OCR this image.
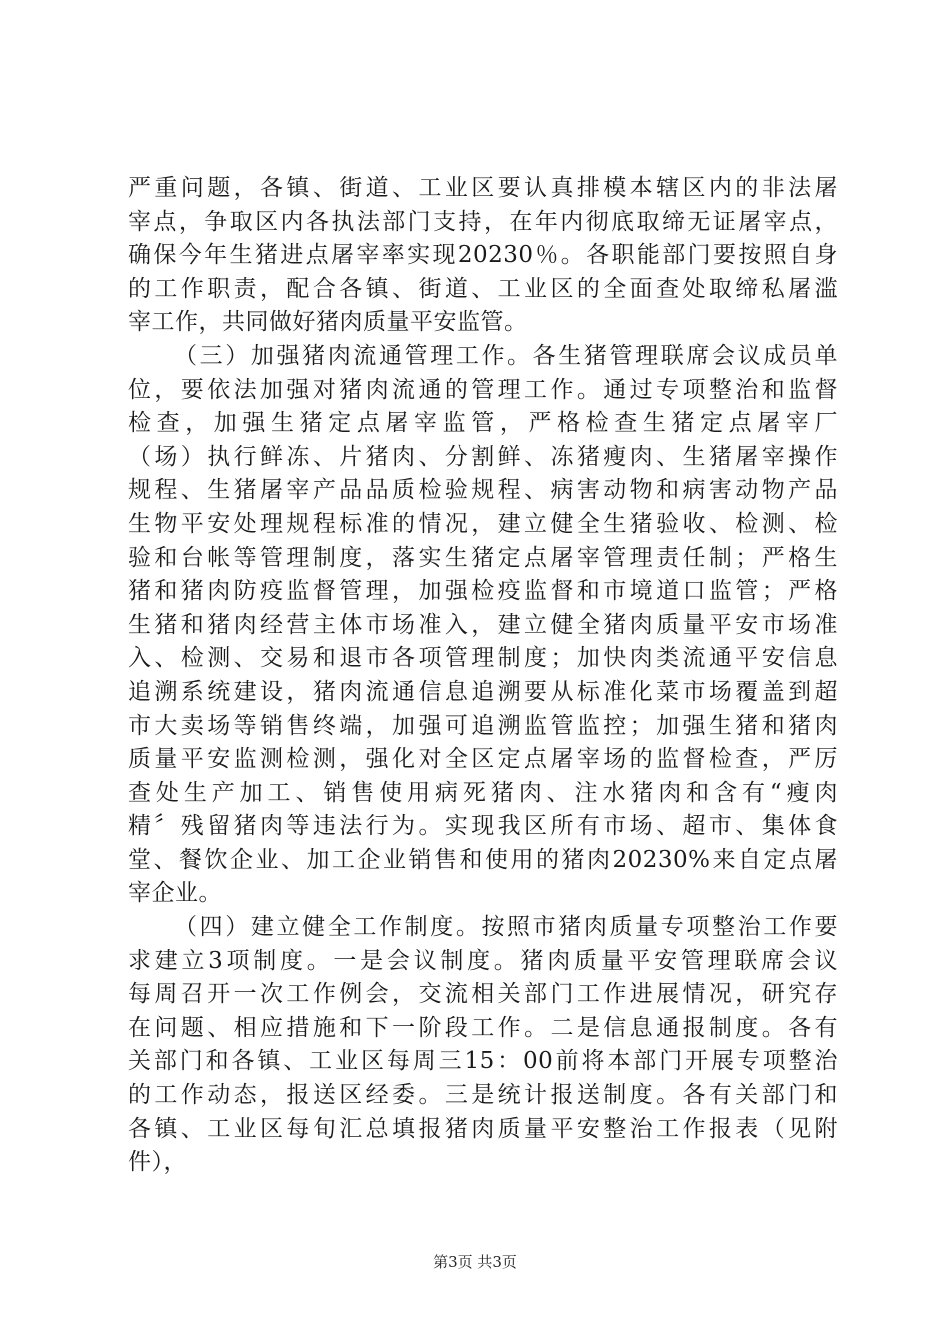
严重问题，各镇、街道、工业区要认真排模本辖区内的非法屠
宰点，争取区内各执法部门支持，在年内彻底取缔无证屠宰点，
确保今年生猪进点屠宰率实现20230％。各职能部门要按照自身
的工作职责，配合各镇、街道、工业区的全面查处取缔私屠滥
宰工作，共同做好猪肉质量平安监管。
（三）加强猪肉流通管理工作。各生猪管理联席会议成员单
位，要依法加强对猪肉流通的管理工作。通过专项整治和监督
检查，加强生猪定点屠宰监管，严格检查生猪定点屠宰厂
（场）执行鲜冻、片猪肉、分割鲜、冻猪瘦肉、生猪屠宰操作
规程、生猪屠宰产品品质检验规程、病害动物和病害动物产品
生物平安处理规程标准的情况，建立健全生猪验收、检测、检
验和台帐等管理制度，落实生猪定点屠宰管理责任制；严格生
猪和猪肉防疫监督管理，加强检疫监督和市境道口监管；严格
生猪和猪肉经营主体市场准入，建立健全猪肉质量平安市场准
入、检测、交易和退市各项管理制度；加快肉类流通平安信息
追溯系统建设，猪肉流通信息追溯要从标准化菜市场覆盖到超
市大卖场等销售终端，加强可追溯监管监控；加强生猪和猪肉
质量平安监测检测，强化对全区定点屠宰场的监督检查，严厉
查处生产加工、销售使用病死猪肉、注水猪肉和含有“瘦肉
精〞残留猪肉等违法行为。实现我区所有市场、超市、集体食
堂、餐饮企业、加工企业销售和使用的猪肉20230%来自定点屠
宰企业。
（四）建立健全工作制度。按照市猪肉质量专项整治工作要
求建立3项制度。一是会议制度。猪肉质量平安管理联席会议
每周召开一次工作例会，交流相关部门工作进展情况，研究存
在问题、相应措施和下一阶段工作。二是信息通报制度。各有
关部门和各镇、工业区每周三15：00前将本部门开展专项整治
的工作动态，报送区经委。三是统计报送制度。各有关部门和
各镇、工业区每旬汇总填报猪肉质量平安整治工作报表（见附
件），
第3页 共3页
